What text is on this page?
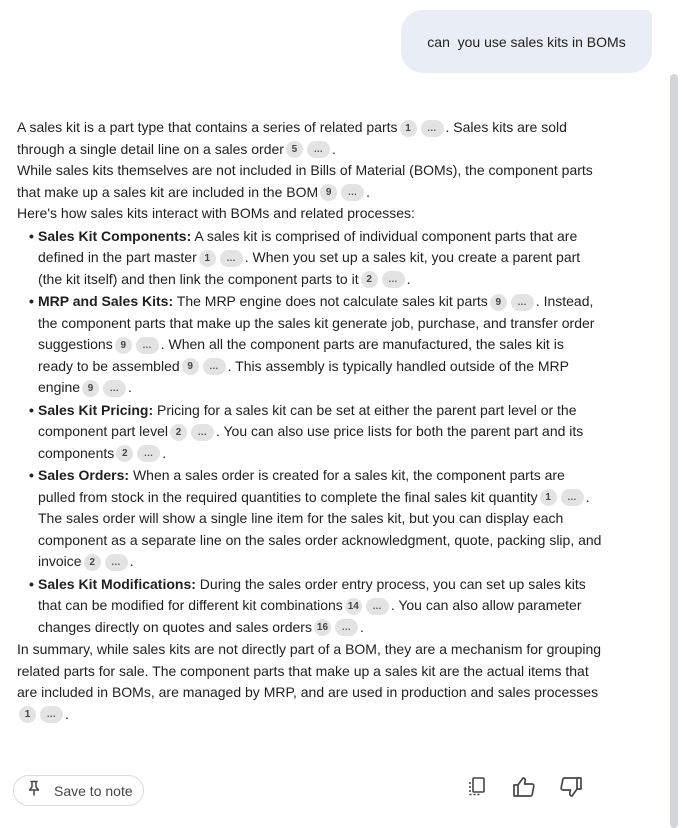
can  you use sales kits in BOMs

A sales kit is a part type that contains a series of related parts 1	... . Sales kits are sold through a single detail line on a sales order 5	... .

While sales kits themselves are not included in Bills of Material (BOMs), the component parts that make up a sales kit are included in the BOM 9	... .

Here's how sales kits interact with BOMs and related processes:

• Sales Kit Components: A sales kit is comprised of individual component parts that are defined in the part master 1	... . When you set up a sales kit, you create a parent part (the kit itself) and then link the component parts to it 2	... .
• MRP and Sales Kits: The MRP engine does not calculate sales kit parts 9	... . Instead, the component parts that make up the sales kit generate job, purchase, and transfer order suggestions 9	... . When all the component parts are manufactured, the sales kit is ready to be assembled 9	... . This assembly is typically handled outside of the MRP engine 9	... .
• Sales Kit Pricing: Pricing for a sales kit can be set at either the parent part level or the component part level 2	... . You can also use price lists for both the parent part and its components 2	... .
• Sales Orders: When a sales order is created for a sales kit, the component parts are pulled from stock in the required quantities to complete the final sales kit quantity 1	... . The sales order will show a single line item for the sales kit, but you can display each component as a separate line on the sales order acknowledgment, quote, packing slip, and invoice 2	... .
• Sales Kit Modifications: During the sales order entry process, you can set up sales kits that can be modified for different kit combinations 14	... . You can also allow parameter changes directly on quotes and sales orders 16	... .

In summary, while sales kits are not directly part of a BOM, they are a mechanism for grouping related parts for sale. The component parts that make up a sales kit are the actual items that are included in BOMs, are managed by MRP, and are used in production and sales processes
1	... .

Save to note
